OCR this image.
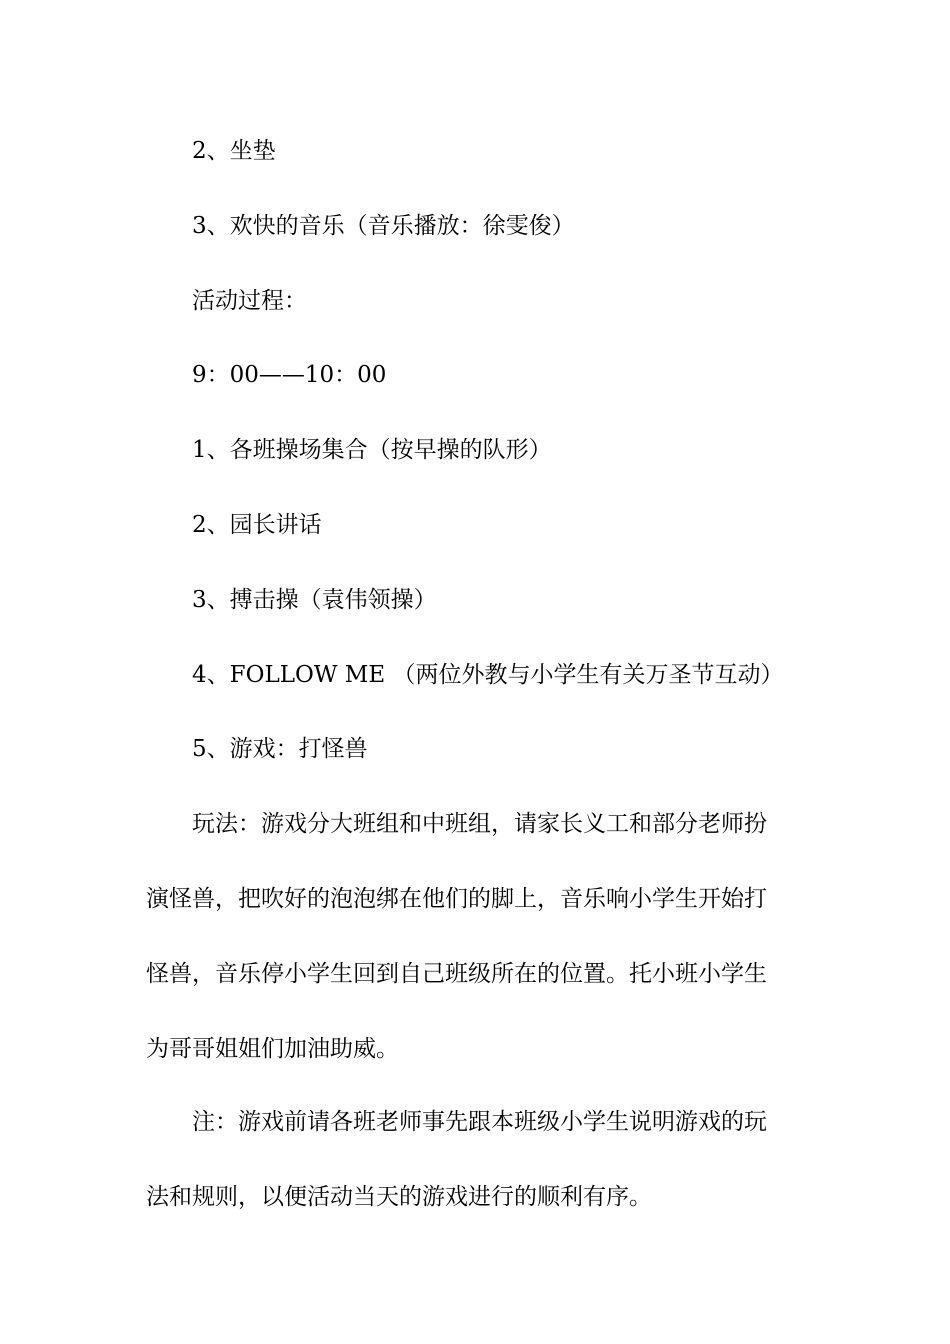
2、坐垫

3、欢快的音乐（音乐播放：徐雯俊）

活动过程：

9：00——10：00

1、各班操场集合（按早操的队形）

2、园长讲话

3、搏击操（袁伟领操）

4、FOLLOW ME （两位外教与小学生有关万圣节互动）

5、游戏：打怪兽

玩法：游戏分大班组和中班组，请家长义工和部分老师扮
演怪兽，把吹好的泡泡绑在他们的脚上，音乐响小学生开始打
怪兽，音乐停小学生回到自己班级所在的位置。托小班小学生
为哥哥姐姐们加油助威。
注：游戏前请各班老师事先跟本班级小学生说明游戏的玩
法和规则，以便活动当天的游戏进行的顺利有序。
